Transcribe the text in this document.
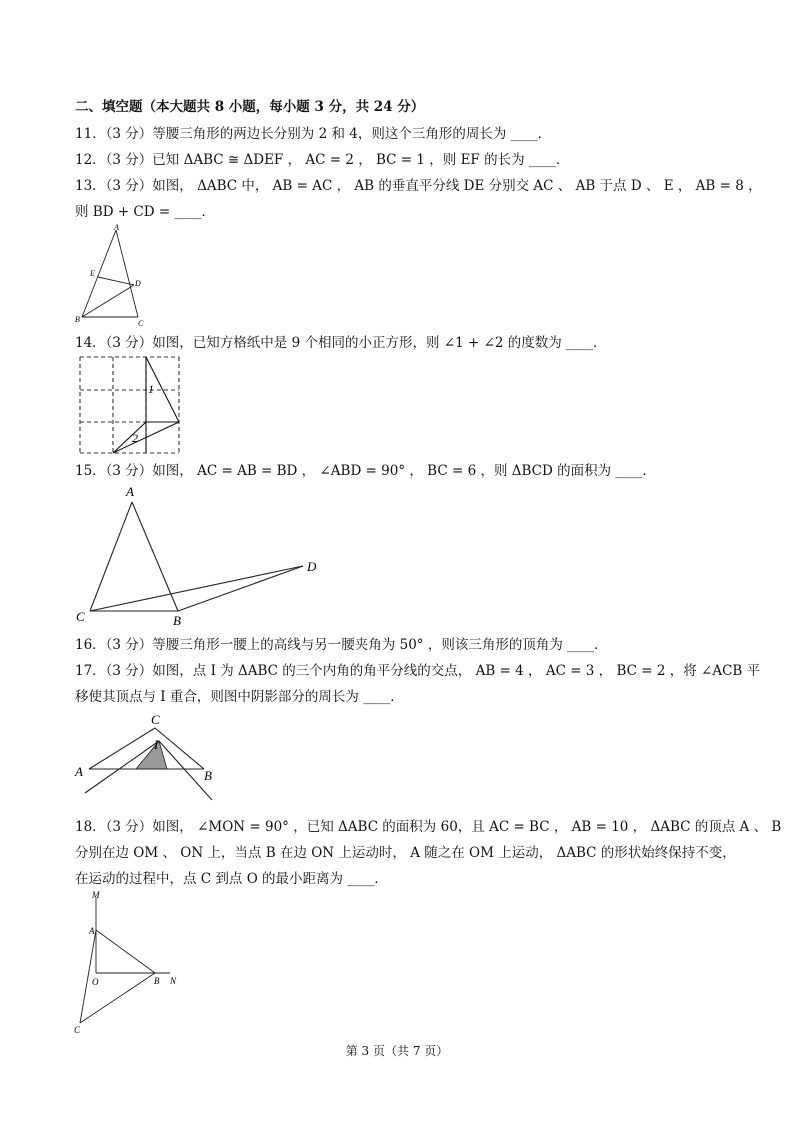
二、填空题（本大题共 8 小题，每小题 3 分，共 24 分）
11．（3 分）等腰三角形的两边长分别为 2 和 4，则这个三角形的周长为 ____．
12．（3 分）已知 ΔABC ≅ ΔDEF ， AC = 2 ， BC = 1 ，则 EF 的长为 ____．
13．（3 分）如图， ΔABC 中， AB = AC ， AB 的垂直平分线 DE 分别交 AC 、 AB 于点 D 、 E ， AB = 8 ，
则 BD + CD = ____．
A
E
D
B	C
14．（3 分）如图，已知方格纸中是 9 个相同的小正方形，则 ∠1 + ∠2 的度数为 ____．
1
2
15．（3 分）如图， AC = AB = BD ， ∠ABD = 90° ， BC = 6 ，则 ΔBCD 的面积为 ____．
A
B
C
D
16．（3 分）等腰三角形一腰上的高线与另一腰夹角为 50° ，则该三角形的顶角为 ____．
17．（3 分）如图，点 I 为 ΔABC 的三个内角的角平分线的交点， AB = 4 ， AC = 3 ， BC = 2 ，将 ∠ACB 平
移使其顶点与 I 重合，则图中阴影部分的周长为 ____．
C
I
A	B
18．（3 分）如图， ∠MON = 90° ，已知 ΔABC 的面积为 60，且 AC = BC ， AB = 10 ， ΔABC 的顶点 A 、 B
分别在边 OM 、 ON 上，当点 B 在边 ON 上运动时， A 随之在 OM 上运动， ΔABC 的形状始终保持不变，
在运动的过程中，点 C 到点 O 的最小距离为 ____．
M
A
O	B N
C
第 3 页（共 7 页）
